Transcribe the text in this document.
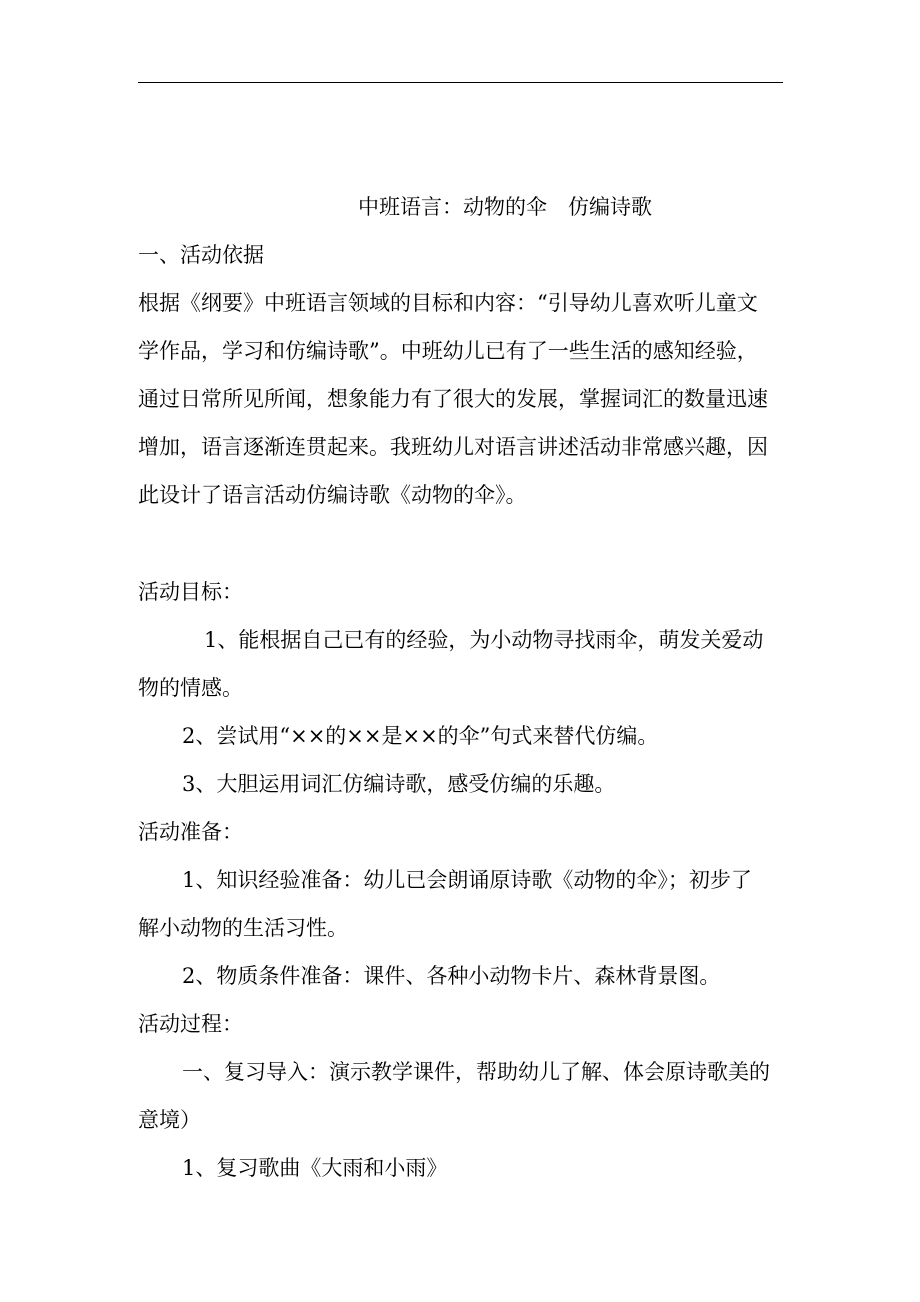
中班语言：动物的伞　仿编诗歌
一、活动依据
根据《纲要》中班语言领域的目标和内容：“引导幼儿喜欢听儿童文
学作品，学习和仿编诗歌”。中班幼儿已有了一些生活的感知经验，
通过日常所见所闻，想象能力有了很大的发展，掌握词汇的数量迅速
增加，语言逐渐连贯起来。我班幼儿对语言讲述活动非常感兴趣，因
此设计了语言活动仿编诗歌《动物的伞》。
活动目标：
1、能根据自己已有的经验，为小动物寻找雨伞，萌发关爱动
物的情感。
2、尝试用“××的××是××的伞”句式来替代仿编。
3、大胆运用词汇仿编诗歌，感受仿编的乐趣。
活动准备：
1、知识经验准备：幼儿已会朗诵原诗歌《动物的伞》；初步了
解小动物的生活习性。
2、物质条件准备：课件、各种小动物卡片、森林背景图。
活动过程：
一、复习导入：演示教学课件，帮助幼儿了解、体会原诗歌美的
意境）
1、复习歌曲《大雨和小雨》
